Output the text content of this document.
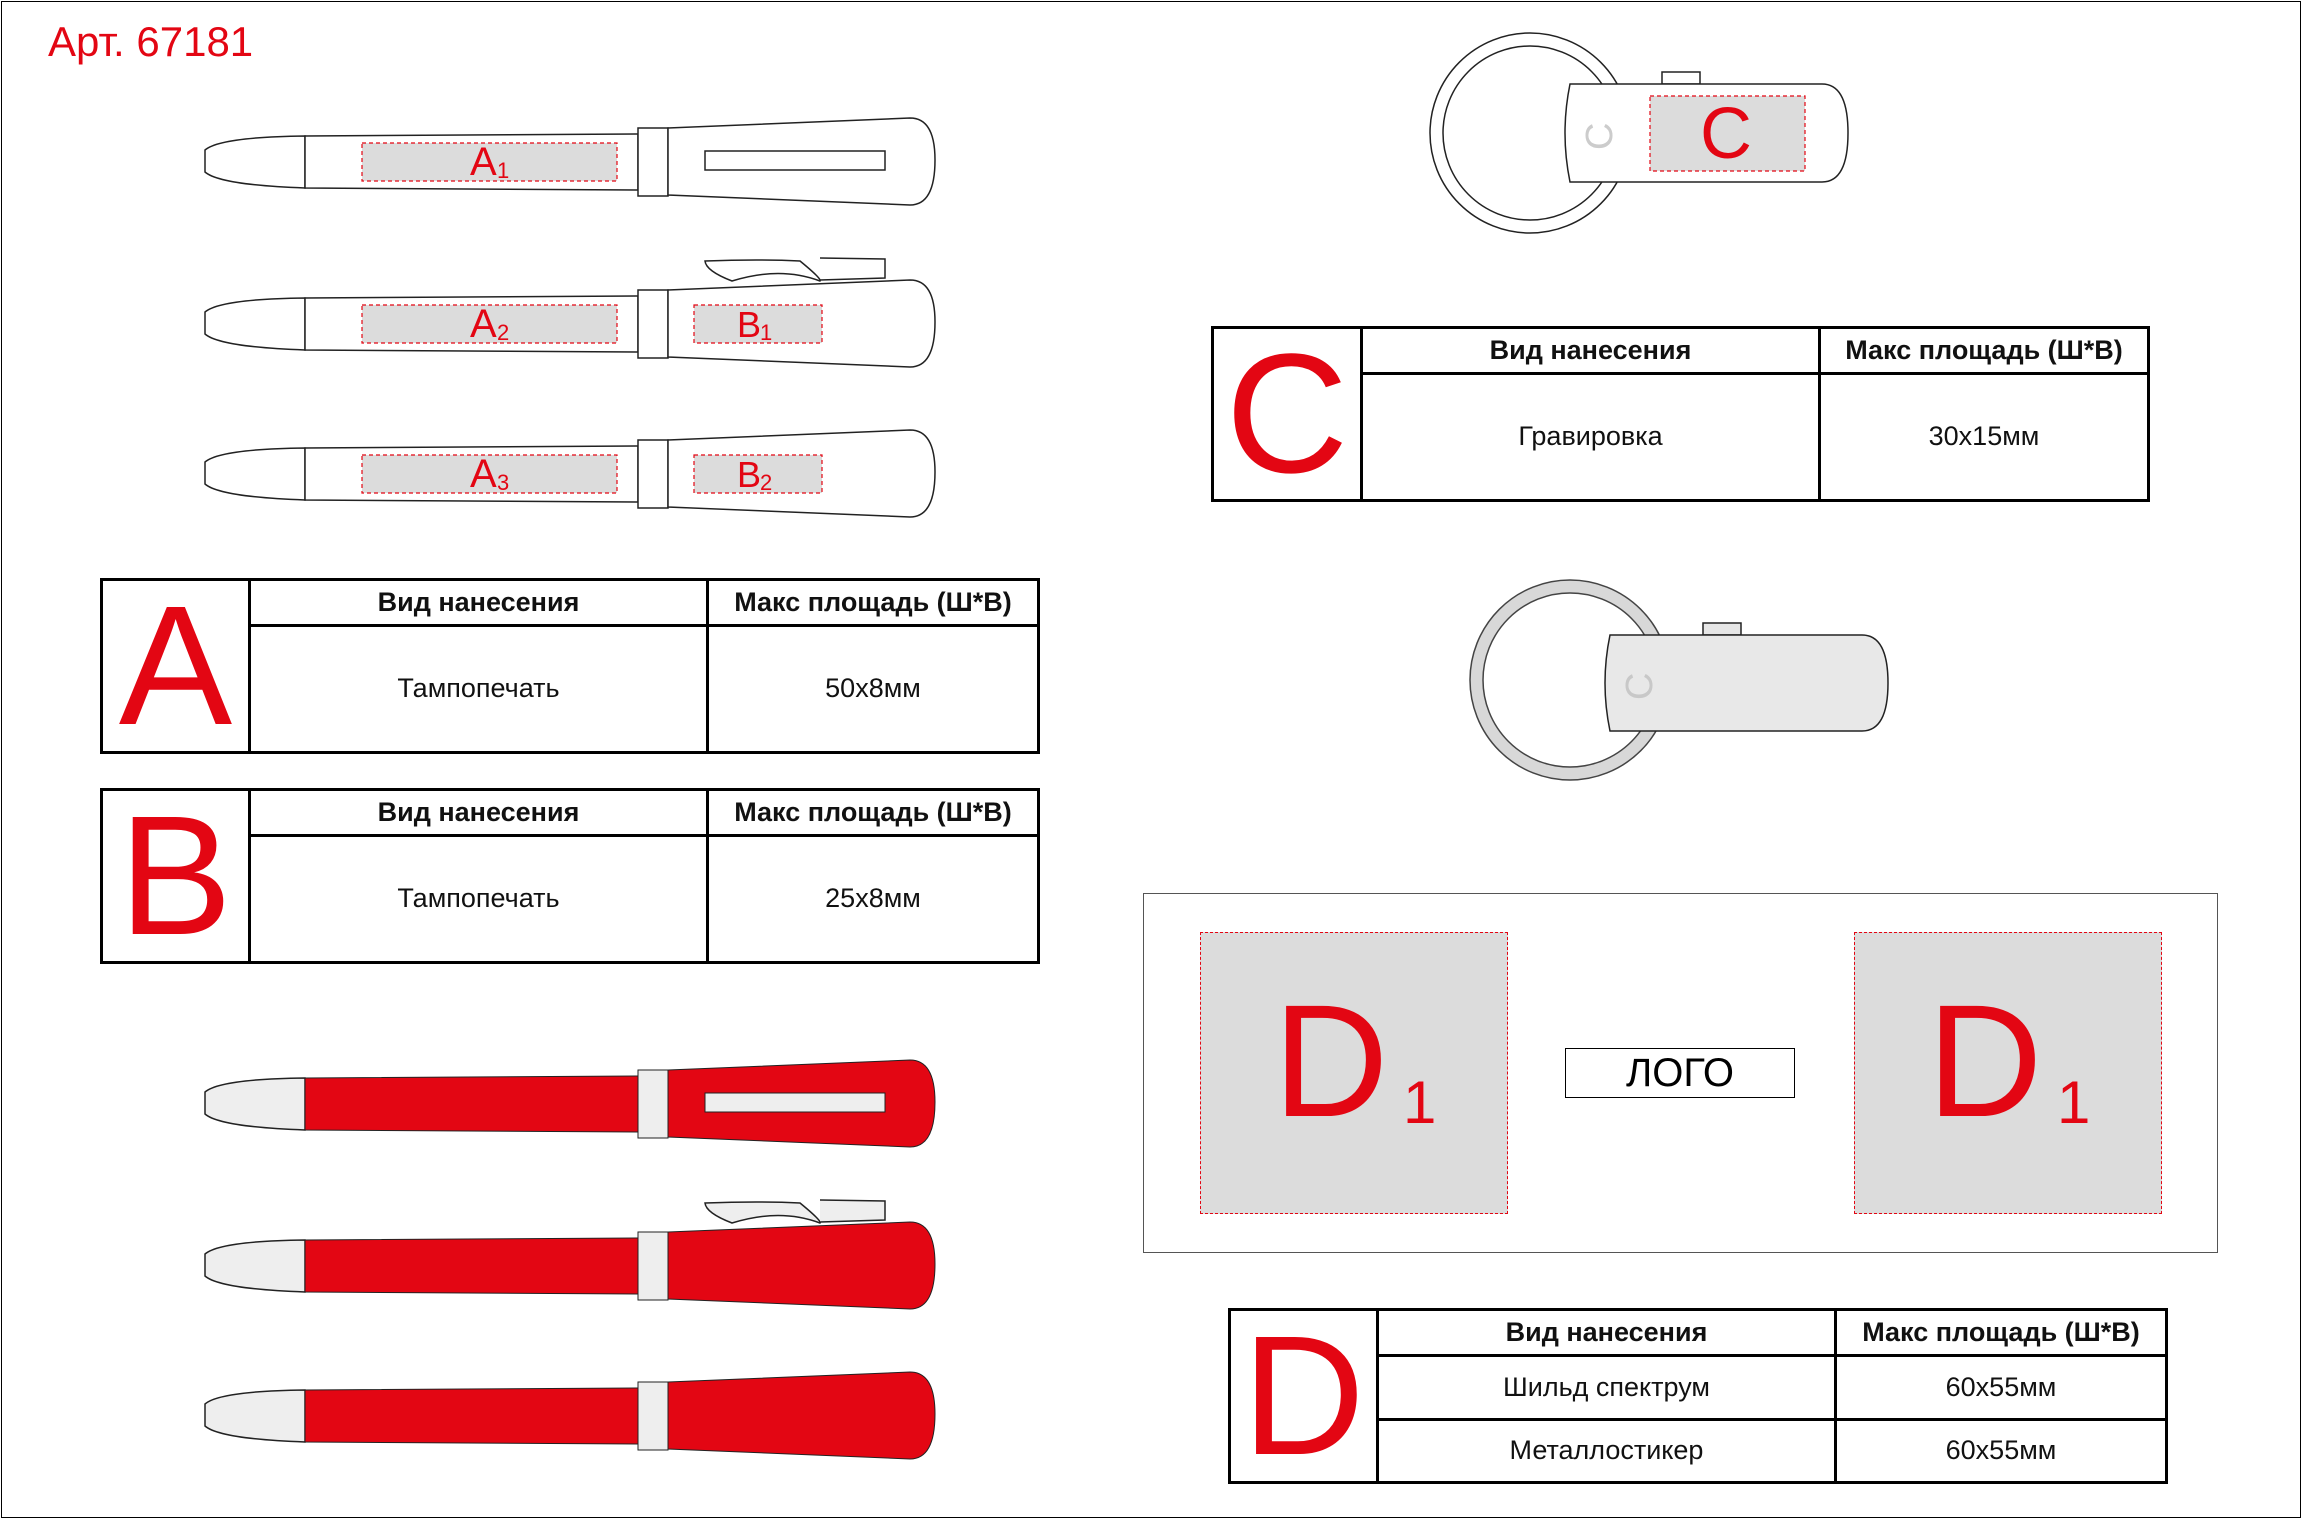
Арт. 67181
A 1
A 2	B
1
A 3	B
2
C
C
C
A	Вид нанесения	Макс площадь (Ш*В)
Тампопечать	50х8мм
B	Вид нанесения	Макс площадь (Ш*В)
Тампопечать	25х8мм
C	Вид нанесения	Макс площадь (Ш*В)
Гравировка	30х15мм
D 1	D 1
ЛОГО
D	Вид нанесения	Макс площадь (Ш*В)
Шильд спектрум	60х55мм
Металлостикер	60х55мм
